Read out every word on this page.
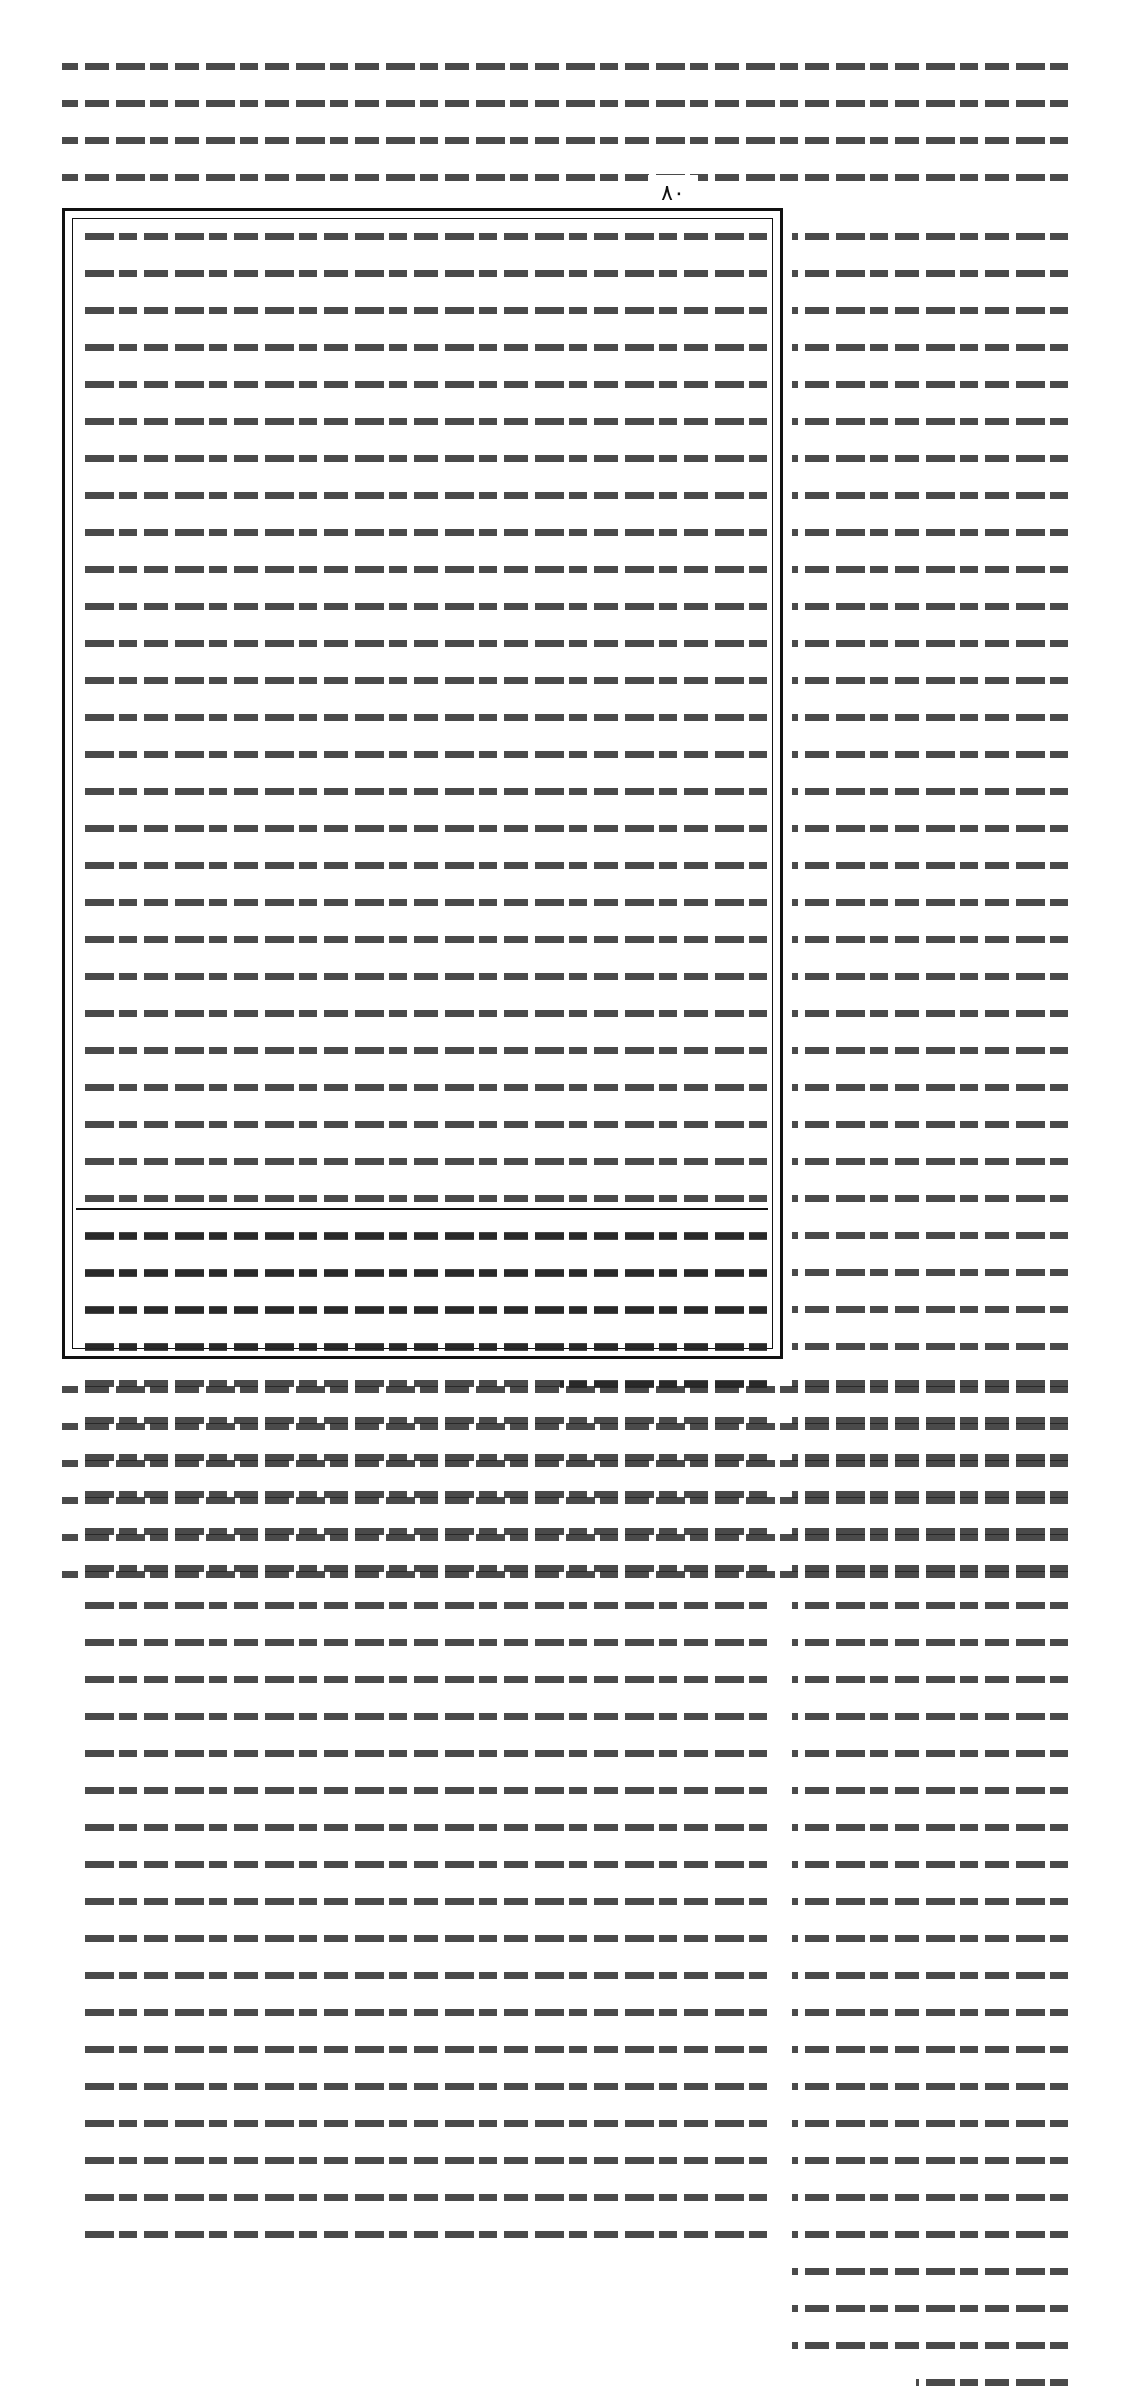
٨٠
